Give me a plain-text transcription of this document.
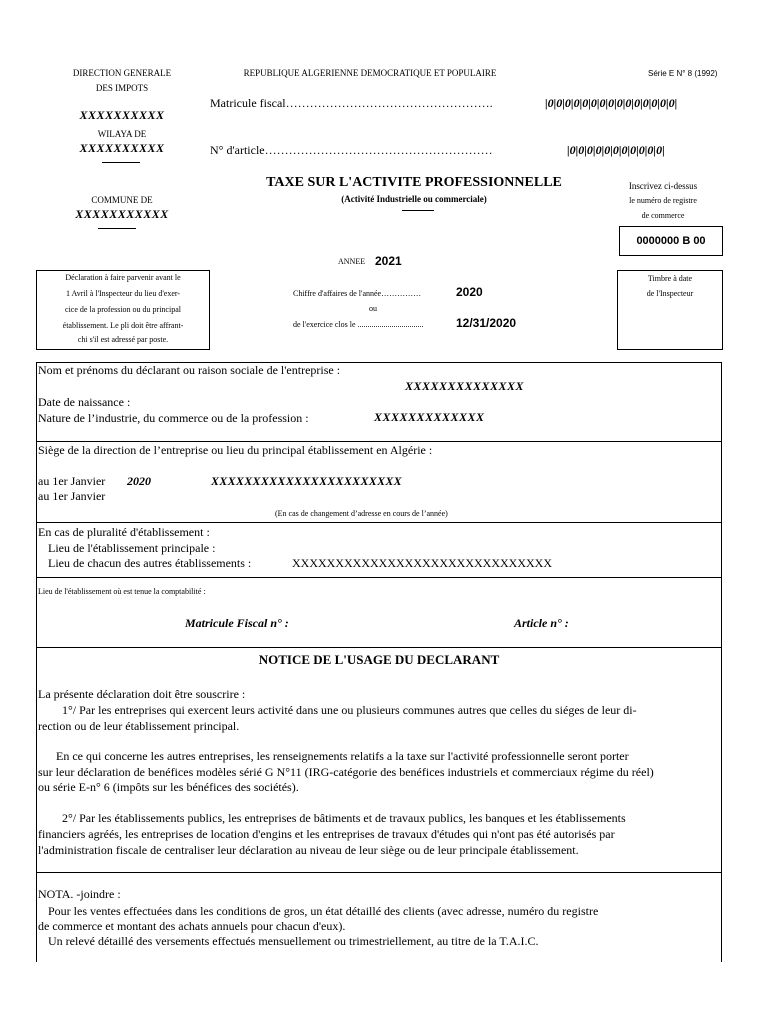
DIRECTION GENERALE
DES IMPOTS
XXXXXXXXXX
WILAYA DE
XXXXXXXXXX
COMMUNE DE
XXXXXXXXXXX
REPUBLIQUE ALGERIENNE DEMOCRATIQUE ET POPULAIRE	Série E N° 8 (1992)
Matricule fiscal…………………………………………….	|0|0|0|0|0|0|0|0|0|0|0|0|0|0|0|
N° d'article…………………………………………………	|0|0|0|0|0|0|0|0|0|0|0|
TAXE SUR L'ACTIVITE PROFESSIONNELLE
(Activité Industrielle ou commerciale)
Inscrivez ci-dessus
le numéro de registre
de commerce
0000000 B 00
ANNEE 2021
Déclaration à faire parvenir avant le
1 Avril à l'Inspecteur du lieu d'exer-
cice de la profession ou du principal
établissement. Le pli doit être affrant-
chi s'il est adressé par poste.
Chiffre d'affaires de l'année……………	2020
ou
de l'exercice clos le .................................	12/31/2020
Timbre à date
de l'Inspecteur
Nom et prénoms du déclarant ou raison sociale de l'entreprise :
XXXXXXXXXXXXXX
Date de naissance :
Nature de l’industrie, du commerce ou de la profession :	XXXXXXXXXXXXX
Siège de la direction de l’entreprise ou lieu du principal établissement en Algérie :
au 1er Janvier 2020	XXXXXXXXXXXXXXXXXXXXXXX
au 1er Janvier
(En cas de changement d’adresse en cours de l’année)
En cas de pluralité d'établissement :
Lieu de l'établissement principale :
Lieu de chacun des autres établissements :	XXXXXXXXXXXXXXXXXXXXXXXXXXXXXX
Lieu de l'établissement où est tenue la comptabilité :
Matricule Fiscal n° :	Article n° :
NOTICE DE L'USAGE DU DECLARANT
La présente déclaration doit être souscrire :
1°/ Par les entreprises qui exercent leurs activité dans une ou plusieurs communes autres que celles du siéges de leur di-
rection ou de leur établissement principal.
En ce qui concerne les autres entreprises, les renseignements relatifs a la taxe sur l'activité professionnelle seront porter
sur leur déclaration de benéfices modèles sérié G N°11 (IRG-catégorie des benéfices industriels et commerciaux régime du réel)
ou série E-n° 6 (impôts sur les bénéfices des sociétés).
2°/ Par les établissements publics, les entreprises de bâtiments et de travaux publics, les banques et les établissements
financiers agréés, les entreprises de location d'engins et les entreprises de travaux d'études qui n'ont pas été autorisés par
l'administration fiscale de centraliser leur déclaration au niveau de leur siège ou de leur principale établissement.
NOTA. -joindre :
Pour les ventes effectuées dans les conditions de gros, un état détaillé des clients (avec adresse, numéro du registre
de commerce et montant des achats annuels pour chacun d'eux).
Un relevé détaillé des versements effectués mensuellement ou trimestriellement, au titre de la T.A.I.C.
